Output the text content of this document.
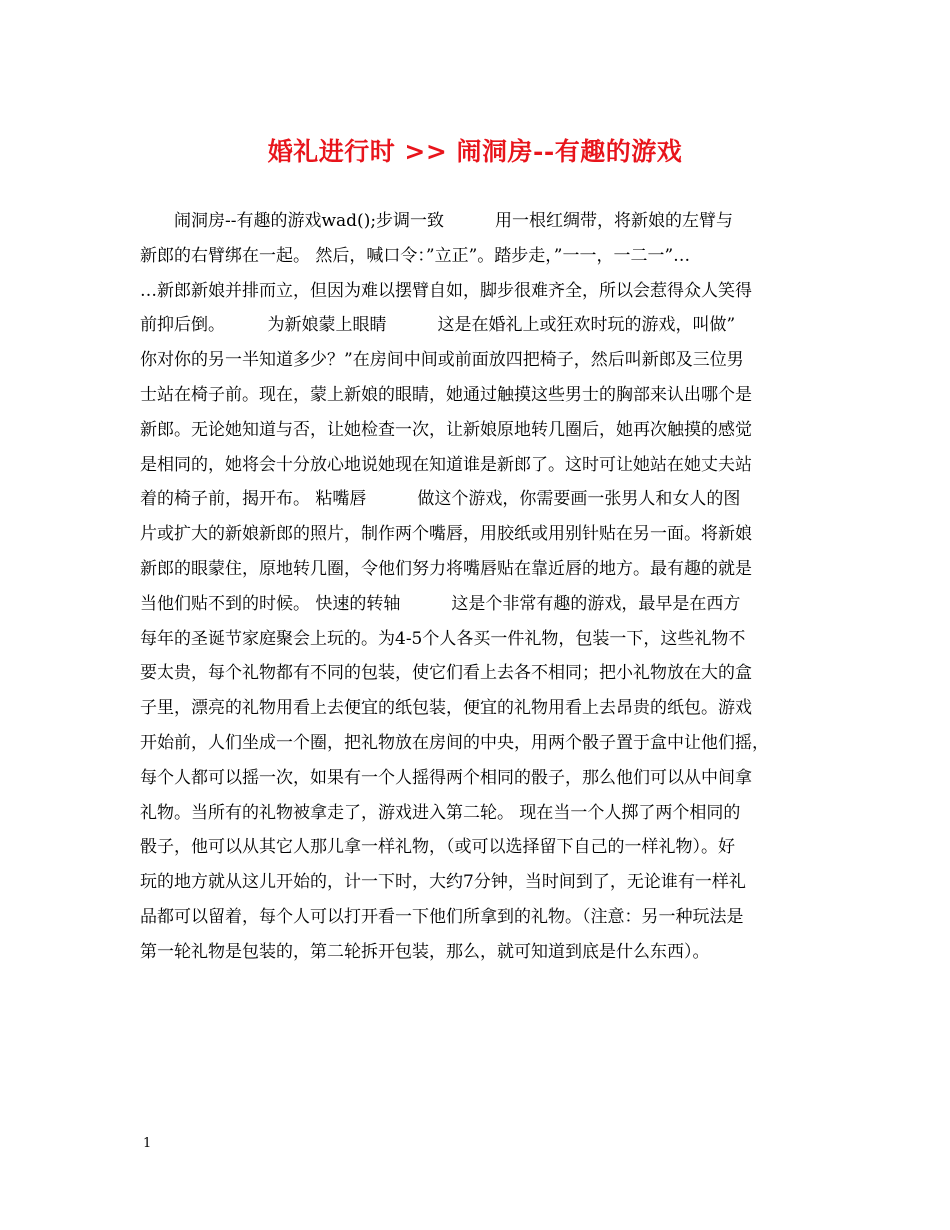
婚礼进行时 >> 闹洞房--有趣的游戏
　　闹洞房--有趣的游戏wad();步调一致　　　用一根红绸带，将新娘的左臂与
新郎的右臂绑在一起。 然后，喊口令：”立正”。踏步走，”一一，一二一”…
…新郎新娘并排而立，但因为难以摆臂自如，脚步很难齐全，所以会惹得众人笑得
前抑后倒。　　　为新娘蒙上眼睛　　　这是在婚礼上或狂欢时玩的游戏，叫做”
你对你的另一半知道多少？”在房间中间或前面放四把椅子，然后叫新郎及三位男
士站在椅子前。现在，蒙上新娘的眼睛，她通过触摸这些男士的胸部来认出哪个是
新郎。无论她知道与否，让她检查一次，让新娘原地转几圈后，她再次触摸的感觉
是相同的，她将会十分放心地说她现在知道谁是新郎了。这时可让她站在她丈夫站
着的椅子前，揭开布。 粘嘴唇　　　做这个游戏，你需要画一张男人和女人的图
片或扩大的新娘新郎的照片，制作两个嘴唇，用胶纸或用别针贴在另一面。将新娘
新郎的眼蒙住，原地转几圈，令他们努力将嘴唇贴在靠近唇的地方。最有趣的就是
当他们贴不到的时候。 快速的转轴　　　这是个非常有趣的游戏，最早是在西方
每年的圣诞节家庭聚会上玩的。为4-5个人各买一件礼物，包装一下，这些礼物不
要太贵，每个礼物都有不同的包装，使它们看上去各不相同；把小礼物放在大的盒
子里，漂亮的礼物用看上去便宜的纸包装，便宜的礼物用看上去昂贵的纸包。游戏
开始前，人们坐成一个圈，把礼物放在房间的中央，用两个骰子置于盒中让他们摇，
每个人都可以摇一次，如果有一个人摇得两个相同的骰子，那么他们可以从中间拿
礼物。当所有的礼物被拿走了，游戏进入第二轮。 现在当一个人掷了两个相同的
骰子，他可以从其它人那儿拿一样礼物，（或可以选择留下自己的一样礼物）。好
玩的地方就从这儿开始的，计一下时，大约7分钟，当时间到了，无论谁有一样礼
品都可以留着，每个人可以打开看一下他们所拿到的礼物。（注意：另一种玩法是
第一轮礼物是包装的，第二轮拆开包装，那么，就可知道到底是什么东西）。
1
